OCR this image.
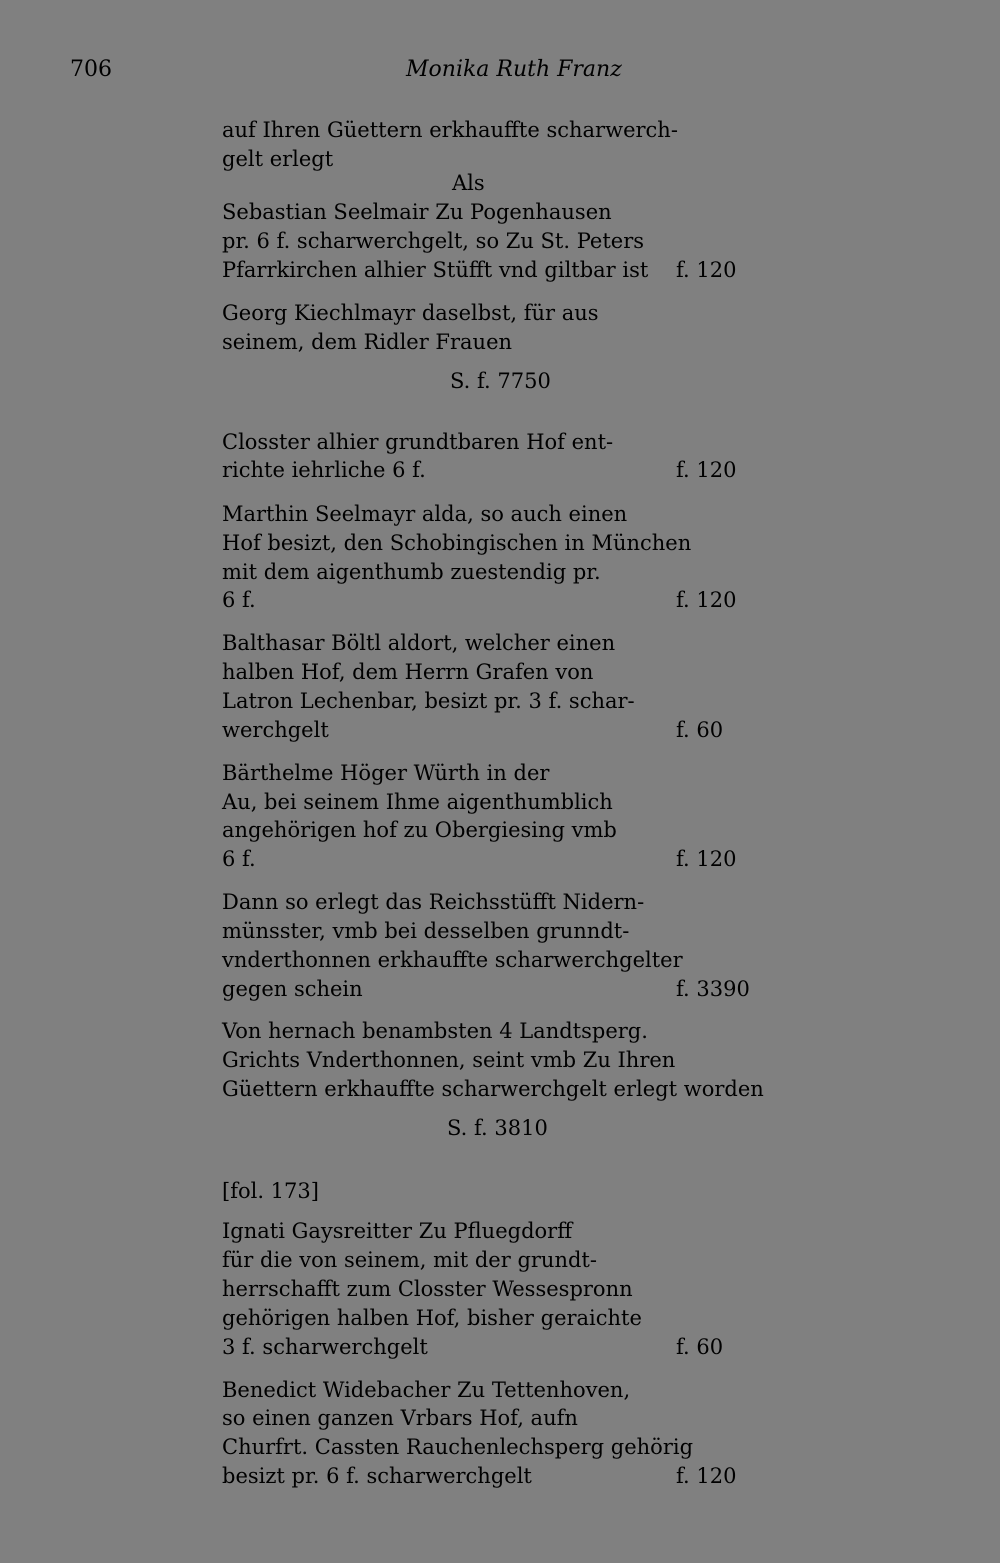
706	Monika Ruth Franz
auf Ihren Güettern erkhauffte scharwerch-
gelt erlegt
Als
Sebastian Seelmair Zu Pogenhausen
pr. 6 f. scharwerchgelt, so Zu St. Peters
Pfarrkirchen alhier Stüfft vnd giltbar ist f. 120
Georg Kiechlmayr daselbst, für aus
seinem, dem Ridler Frauen
S. f. 7750
Closster alhier grundtbaren Hof ent-
richte iehrliche 6 f.	f. 120
Marthin Seelmayr alda, so auch einen
Hof besizt, den Schobingischen in München
mit dem aigenthumb zuestendig pr.
6 f.	f. 120
Balthasar Böltl aldort, welcher einen
halben Hof, dem Herrn Grafen von
Latron Lechenbar, besizt pr. 3 f. schar-
werchgelt	f. 60
Bärthelme Höger Würth in der
Au, bei seinem Ihme aigenthumblich
angehörigen hof zu Obergiesing vmb
6 f.	f. 120
Dann so erlegt das Reichsstüfft Nidern-
münsster, vmb bei desselben grunndt-
vnderthonnen erkhauffte scharwerchgelter
gegen schein	f. 3390
Von hernach benambsten 4 Landtsperg.
Grichts Vnderthonnen, seint vmb Zu Ihren
Güettern erkhauffte scharwerchgelt erlegt worden
S. f. 3810
[fol. 173]
Ignati Gaysreitter Zu Pfluegdorff
für die von seinem, mit der grundt-
herrschafft zum Closster Wessespronn
gehörigen halben Hof, bisher geraichte
3 f. scharwerchgelt	f. 60
Benedict Widebacher Zu Tettenhoven,
so einen ganzen Vrbars Hof, aufn
Churfrt. Cassten Rauchenlechsperg gehörig
besizt pr. 6 f. scharwerchgelt	f. 120
